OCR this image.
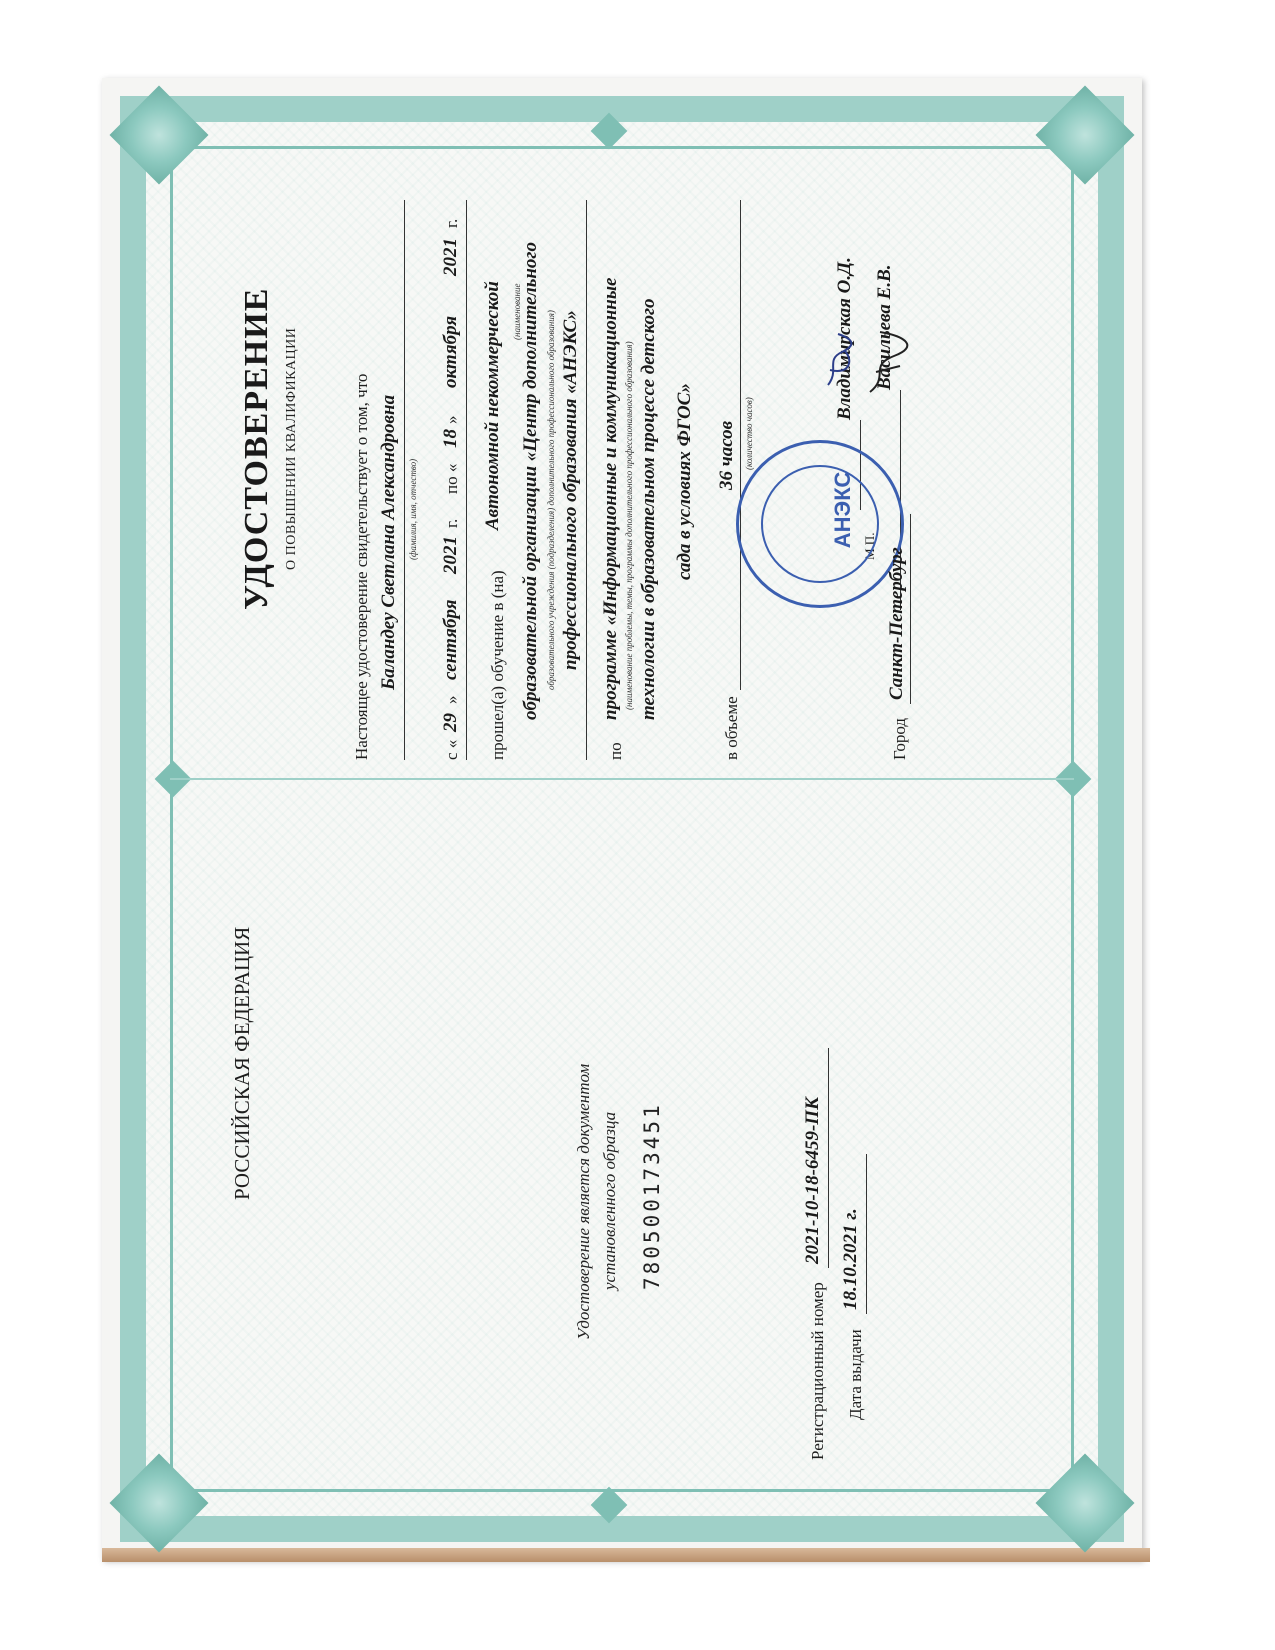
УДОСТОВЕРЕНИЕ О ПОВЫШЕНИИ КВАЛИФИКАЦИИ	Настоящее удостоверение свидетельствует о том, что Баландеу Светлана Александровна (фамилия, имя, отчество)
с «
29
»
сентября
2021
г.
по «
18
»
октября
2021
г.
прошел(а) обучение в (на)
Автономной некоммерческой (наименование
образовательной организации «Центр дополнительного образовательного учреждения (подразделения) дополнительного профессионального образования) профессионального образования «АНЭКС»
по
программе «Информационные и коммуникационные (наименование проблемы, темы, программы дополнительного профессионального образования) технологии в образовательном процессе детского сада в условиях ФГОС»
в объеме
36 часов (количество часов)
Владимирская О.Д. Васильева Е.В.
М.П.
АНЭКС
Город
Санкт-Петербург
РОССИЙСКАЯ ФЕДЕРАЦИЯ
Удостоверение является документом установленного образца 780500173451
Регистрационный номер
2021-10-18-6459-ПК
Дата выдачи
18.10.2021 г.
